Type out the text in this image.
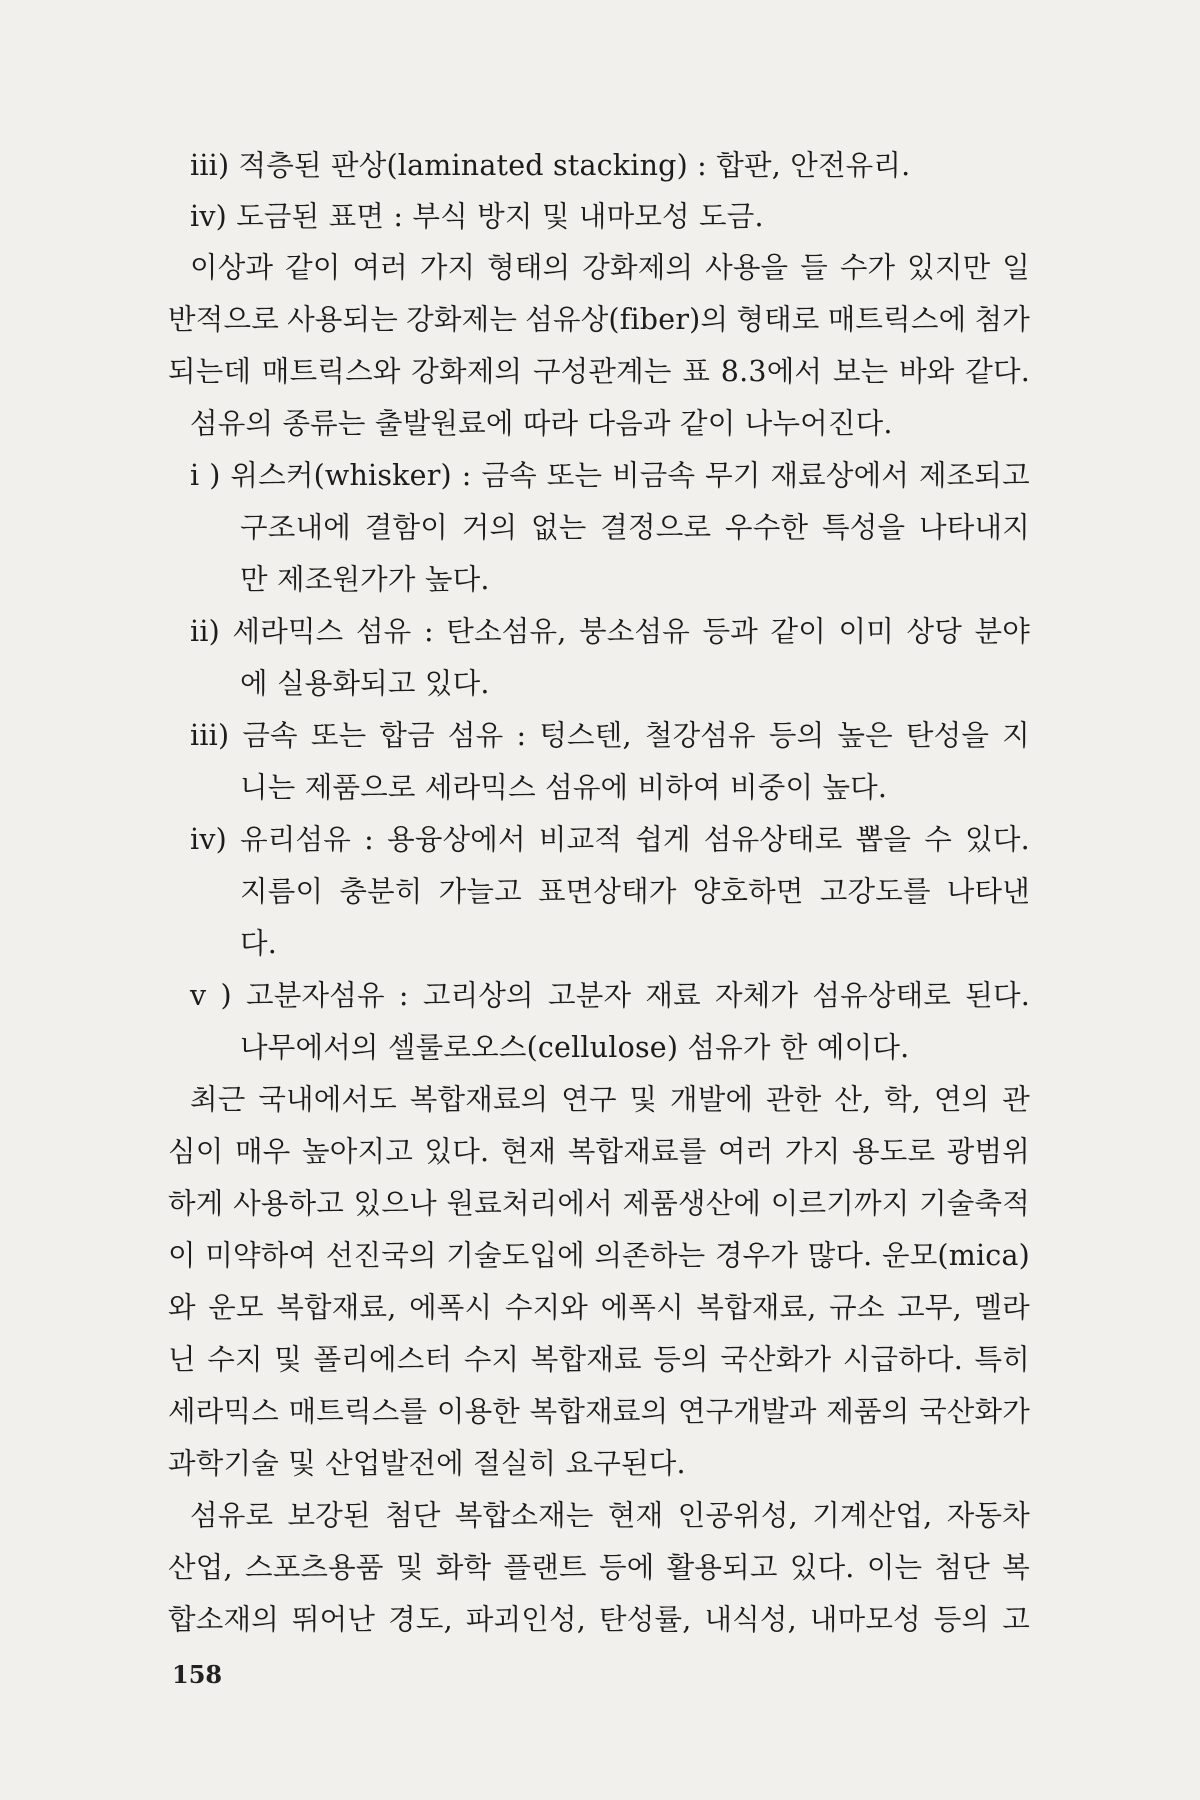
iii) 적층된 판상(laminated stacking) : 합판, 안전유리.
iv) 도금된 표면 : 부식 방지 및 내마모성 도금.
이상과 같이 여러 가지 형태의 강화제의 사용을 들 수가 있지만 일
반적으로 사용되는 강화제는 섬유상(fiber)의 형태로 매트릭스에 첨가
되는데 매트릭스와 강화제의 구성관계는 표 8.3에서 보는 바와 같다.
섬유의 종류는 출발원료에 따라 다음과 같이 나누어진다.
i ) 위스커(whisker) : 금속 또는 비금속 무기 재료상에서 제조되고
구조내에 결함이 거의 없는 결정으로 우수한 특성을 나타내지
만 제조원가가 높다.
ii) 세라믹스 섬유 : 탄소섬유, 붕소섬유 등과 같이 이미 상당 분야
에 실용화되고 있다.
iii) 금속 또는 합금 섬유 : 텅스텐, 철강섬유 등의 높은 탄성을 지
니는 제품으로 세라믹스 섬유에 비하여 비중이 높다.
iv) 유리섬유 : 용융상에서 비교적 쉽게 섬유상태로 뽑을 수 있다.
지름이 충분히 가늘고 표면상태가 양호하면 고강도를 나타낸
다.
v ) 고분자섬유 : 고리상의 고분자 재료 자체가 섬유상태로 된다.
나무에서의 셀룰로오스(cellulose) 섬유가 한 예이다.
최근 국내에서도 복합재료의 연구 및 개발에 관한 산, 학, 연의 관
심이 매우 높아지고 있다. 현재 복합재료를 여러 가지 용도로 광범위
하게 사용하고 있으나 원료처리에서 제품생산에 이르기까지 기술축적
이 미약하여 선진국의 기술도입에 의존하는 경우가 많다. 운모(mica)
와 운모 복합재료, 에폭시 수지와 에폭시 복합재료, 규소 고무, 멜라
닌 수지 및 폴리에스터 수지 복합재료 등의 국산화가 시급하다. 특히
세라믹스 매트릭스를 이용한 복합재료의 연구개발과 제품의 국산화가
과학기술 및 산업발전에 절실히 요구된다.
섬유로 보강된 첨단 복합소재는 현재 인공위성, 기계산업, 자동차
산업, 스포츠용품 및 화학 플랜트 등에 활용되고 있다. 이는 첨단 복
합소재의 뛰어난 경도, 파괴인성, 탄성률, 내식성, 내마모성 등의 고
158
